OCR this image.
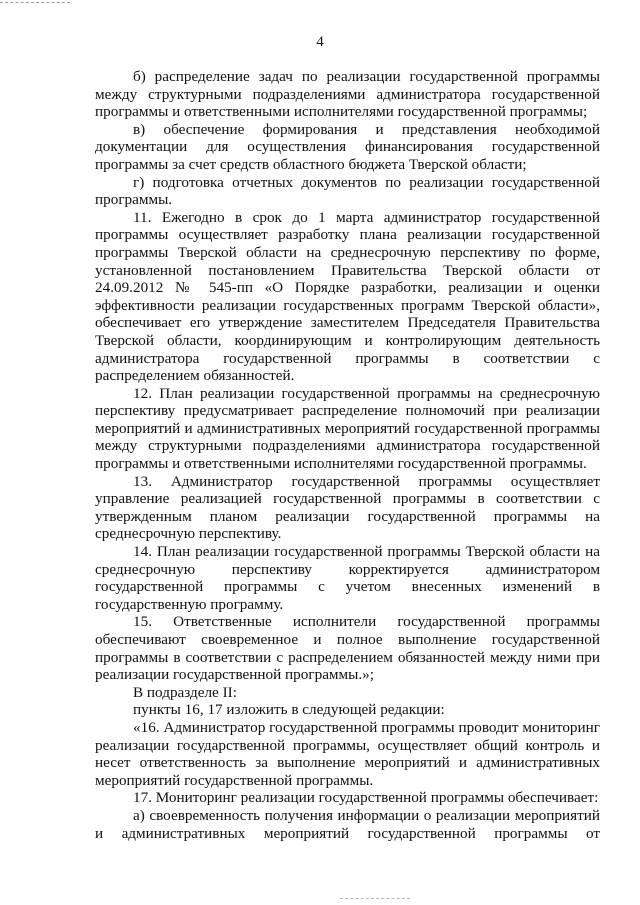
4

б) распределение задач по реализации государственной программы между структурными подразделениями администратора государственной программы и ответственными исполнителями государственной программы;

в) обеспечение формирования и представления необходимой документации для осуществления финансирования государственной программы за счет средств областного бюджета Тверской области;

г) подготовка отчетных документов по реализации государственной программы.

11. Ежегодно в срок до 1 марта администратор государственной программы осуществляет разработку плана реализации государственной программы Тверской области на среднесрочную перспективу по форме, установленной постановлением Правительства Тверской области от 24.09.2012 № 545-пп «О Порядке разработки, реализации и оценки эффективности реализации государственных программ Тверской области», обеспечивает его утверждение заместителем Председателя Правительства Тверской области, координирующим и контролирующим деятельность администратора государственной программы в соответствии с распределением обязанностей.

12. План реализации государственной программы на среднесрочную перспективу предусматривает распределение полномочий при реализации мероприятий и административных мероприятий государственной программы между структурными подразделениями администратора государственной программы и ответственными исполнителями государственной программы.

13. Администратор государственной программы осуществляет управление реализацией государственной программы в соответствии с утвержденным планом реализации государственной программы на среднесрочную перспективу.

14. План реализации государственной программы Тверской области на среднесрочную перспективу корректируется администратором государственной программы с учетом внесенных изменений в государственную программу.

15. Ответственные исполнители государственной программы обеспечивают своевременное и полное выполнение государственной программы в соответствии с распределением обязанностей между ними при реализации государственной программы.»;

В подразделе II:

пункты 16, 17 изложить в следующей редакции:

«16. Администратор государственной программы проводит мониторинг реализации государственной программы, осуществляет общий контроль и несет ответственность за выполнение мероприятий и административных мероприятий государственной программы.

17. Мониторинг реализации государственной программы обеспечивает:

а) своевременность получения информации о реализации мероприятий и административных мероприятий государственной программы от
